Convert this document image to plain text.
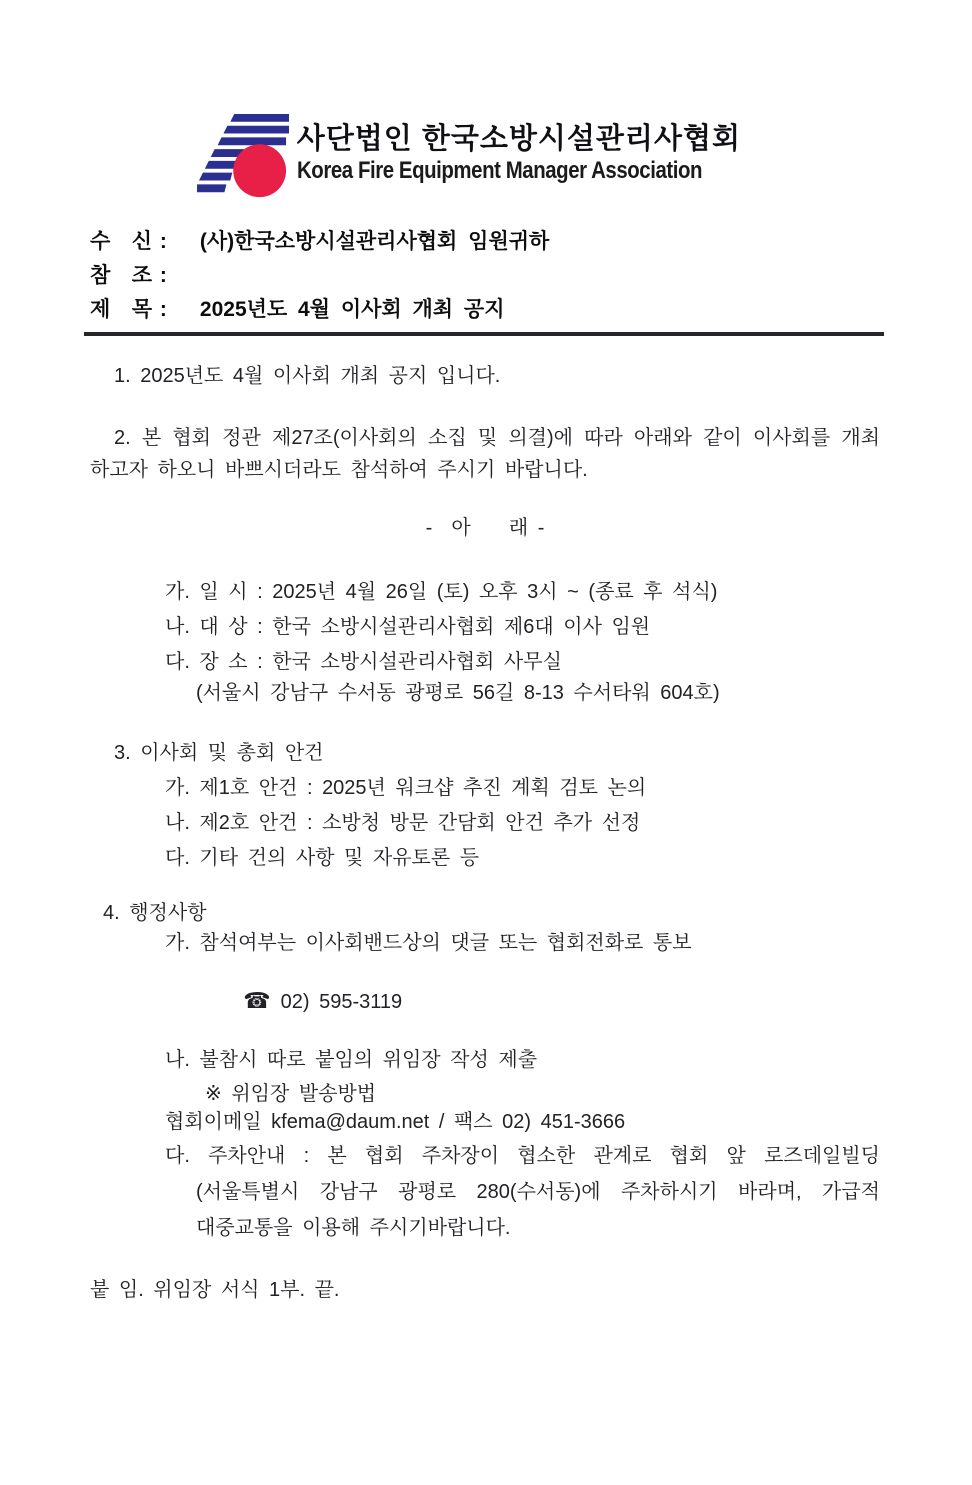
사단법인 한국소방시설관리사협회
Korea Fire Equipment Manager Association
수   신 : (사)한국소방시설관리사협회 임원귀하
참   조 :
제   목 : 2025년도 4월 이사회 개최 공지
1. 2025년도 4월 이사회 개최 공지 입니다.
2. 본 협회 정관 제27조(이사회의 소집 및 의결)에 따라 아래와 같이 이사회를 개최
하고자 하오니 바쁘시더라도 참석하여 주시기 바랍니다.
-  아    래 -
가. 일 시 : 2025년 4월 26일 (토) 오후 3시 ~ (종료 후 석식)
나. 대 상 : 한국 소방시설관리사협회 제6대 이사 임원
다. 장 소 : 한국 소방시설관리사협회 사무실
(서울시 강남구 수서동 광평로 56길 8-13 수서타워 604호)
3. 이사회 및 총회 안건
가. 제1호 안건 : 2025년 워크샵 추진 계획 검토 논의
나. 제2호 안건 : 소방청 방문 간담회 안건 추가 선정
다. 기타 건의 사항 및 자유토론 등
4. 행정사항
가. 참석여부는 이사회밴드상의 댓글 또는 협회전화로 통보

☎ 02) 595-3119

나. 불참시 따로 붙임의 위임장 작성 제출
※ 위임장 발송방법
협회이메일 kfema@daum.net / 팩스 02) 451-3666
다. 주차안내 : 본 협회 주차장이 협소한 관계로 협회 앞 로즈데일빌딩
(서울특별시 강남구 광평로 280(수서동)에 주차하시기 바라며, 가급적
대중교통을 이용해 주시기바랍니다.
붙 임. 위임장 서식 1부. 끝.
